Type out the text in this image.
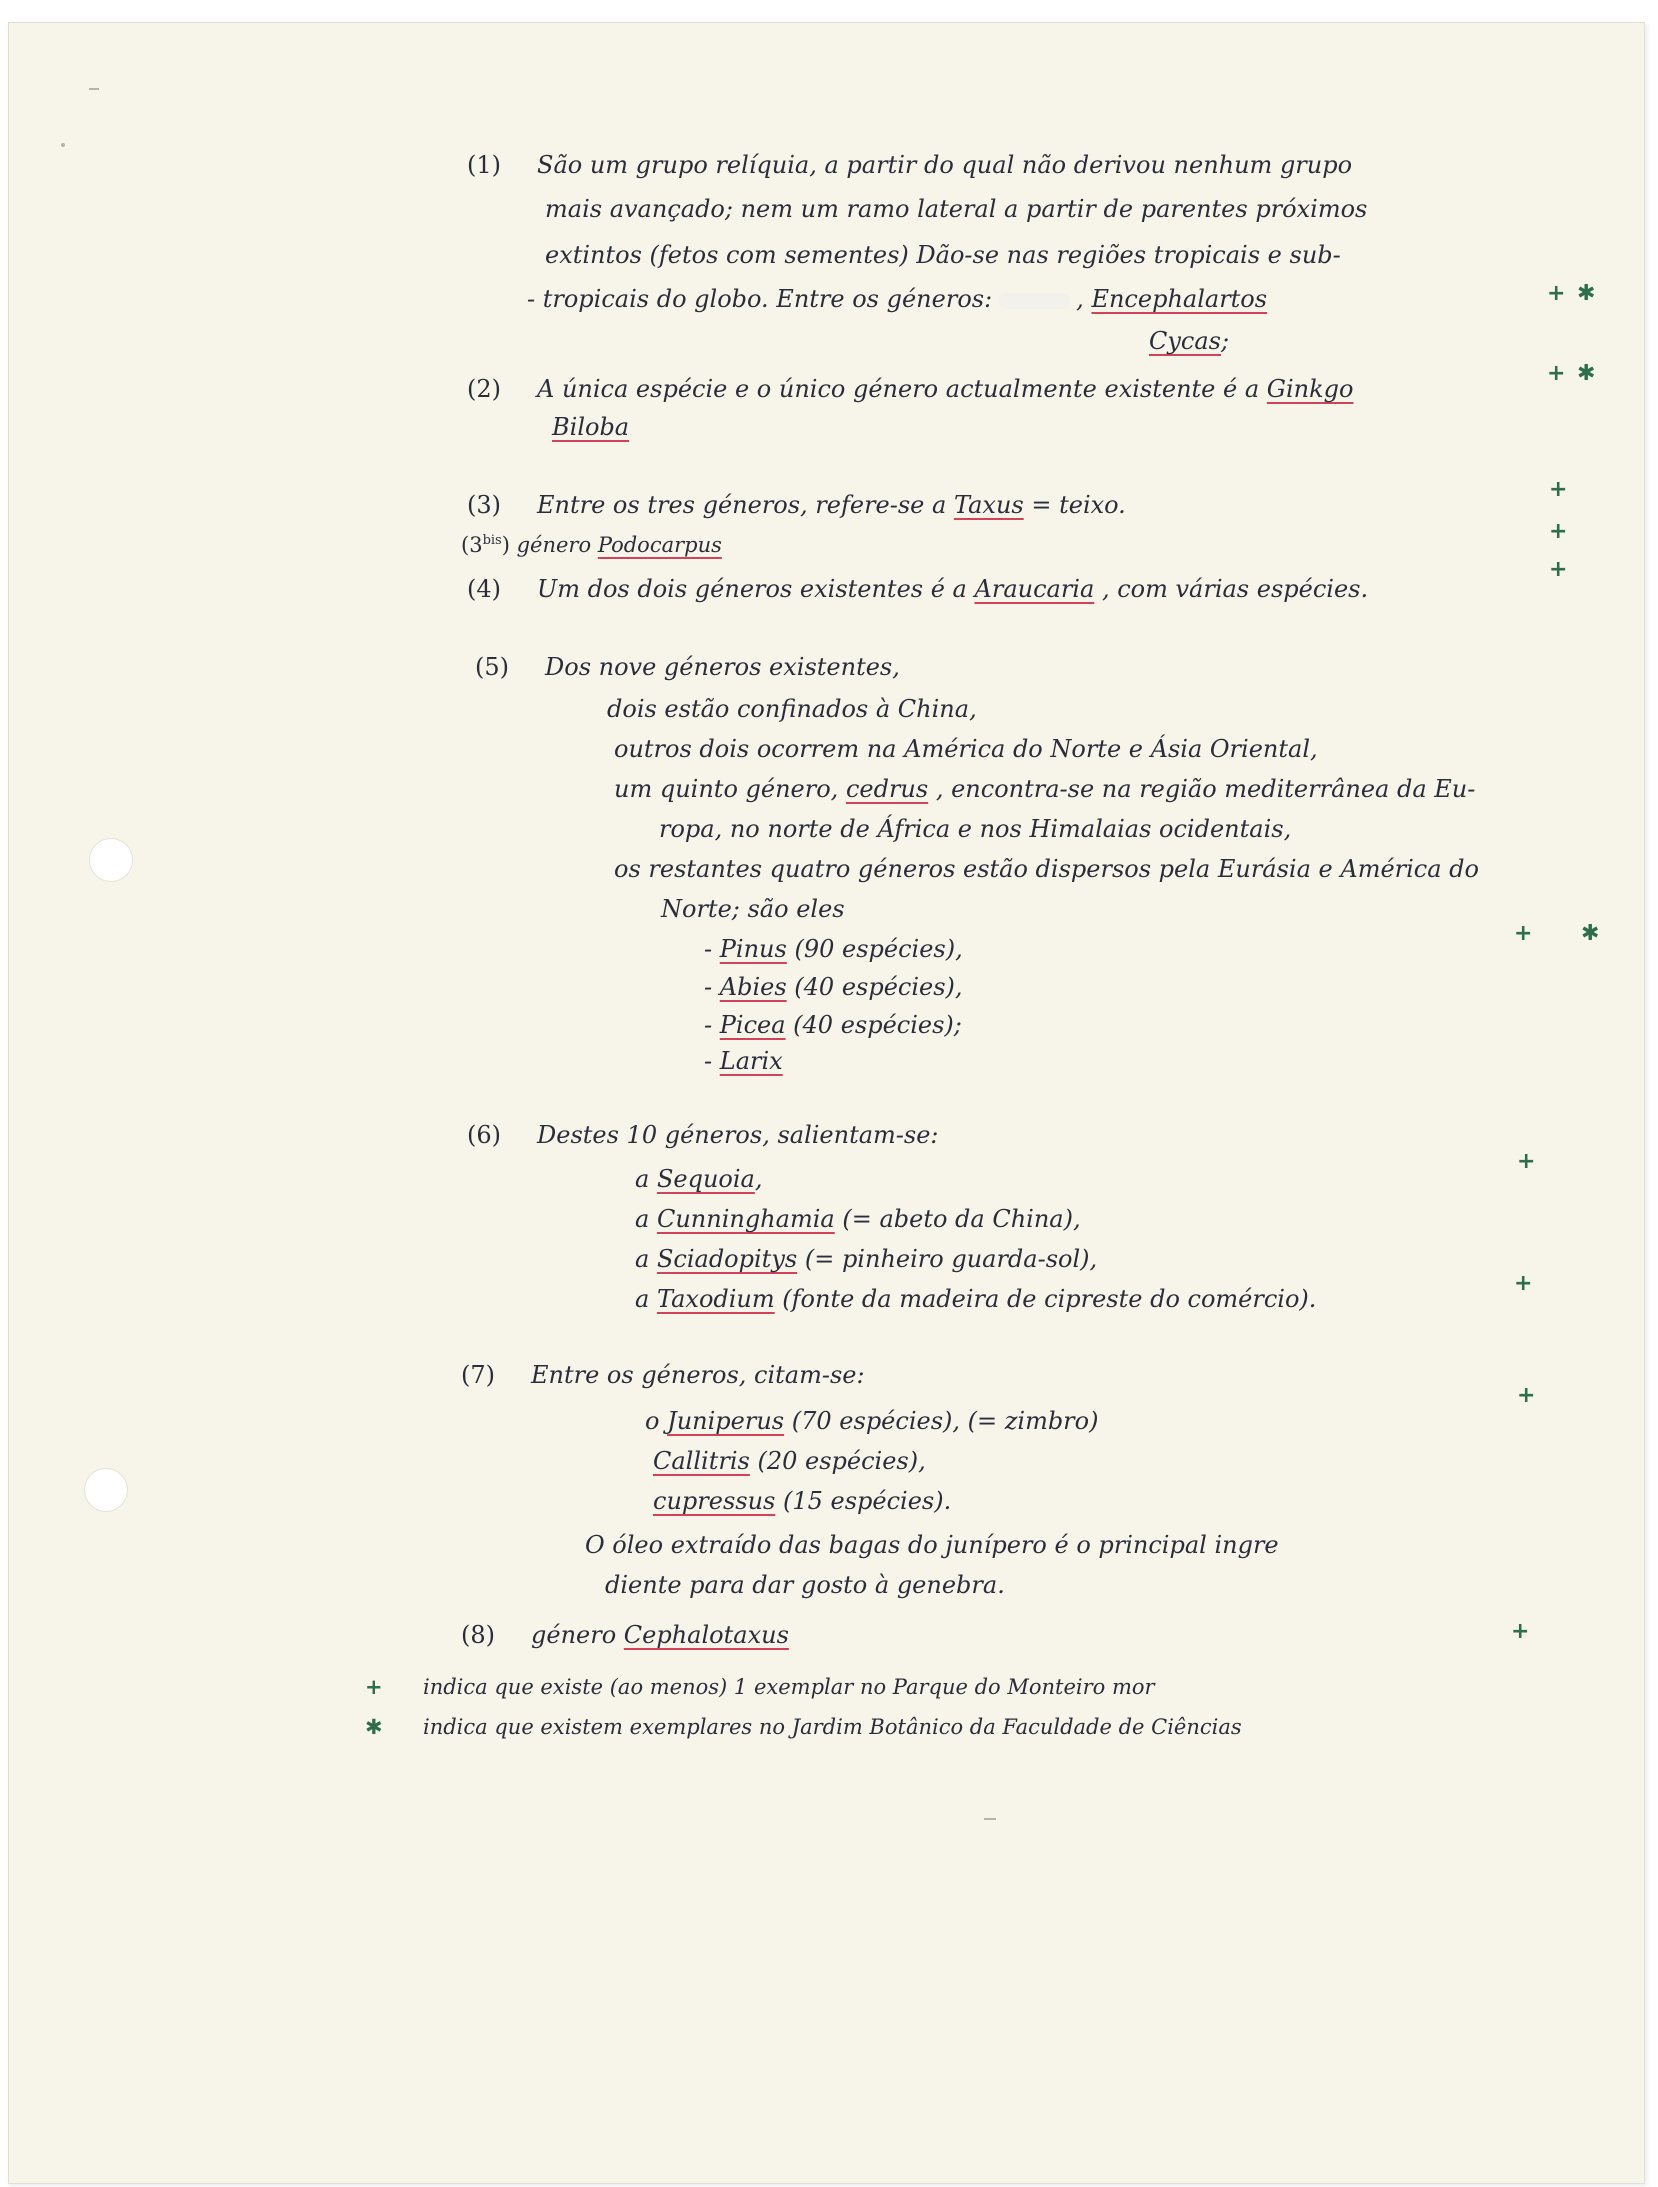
(1) São um grupo relíquia, a partir do qual não derivou nenhum grupo
mais avançado; nem um ramo lateral a partir de parentes próximos
extintos (fetos com sementes) Dão-se nas regiões tropicais e sub-
- tropicais do globo. Entre os géneros:	, Encephalartos
Cycas;
(2) A única espécie e o único género actualmente existente é a Ginkgo
Biloba
(3) Entre os tres géneros, refere-se a Taxus = teixo.
$(3^{bis})$ género Podocarpus
(4) Um dos dois géneros existentes é a Araucaria , com várias espécies.
(5) Dos nove géneros existentes,
dois estão confinados à China,
outros dois ocorrem na América do Norte e Ásia Oriental,
um quinto género, cedrus , encontra-se na região mediterrânea da Eu-
ropa, no norte de África e nos Himalaias ocidentais,
os restantes quatro géneros estão dispersos pela Eurásia e América do
Norte; são eles
- Pinus (90 espécies),
- Abies (40 espécies),
- Picea (40 espécies);
- Larix
(6) Destes 10 géneros, salientam-se:
a Sequoia,
a Cunninghamia (= abeto da China),
a Sciadopitys (= pinheiro guarda-sol),
a Taxodium (fonte da madeira de cipreste do comércio).
(7) Entre os géneros, citam-se:
o Juniperus (70 espécies), (= zimbro)
Callitris (20 espécies),
cupressus (15 espécies).
O óleo extraído das bagas do junípero é o principal ingre
diente para dar gosto à genebra.
(8) género Cephalotaxus
+ indica que existe (ao menos) 1 exemplar no Parque do Monteiro mor
✱ indica que existem exemplares no Jardim Botânico da Faculdade de Ciências
+ ✱
+ ✱
+
+
+
+ ✱
+
+
+
+
